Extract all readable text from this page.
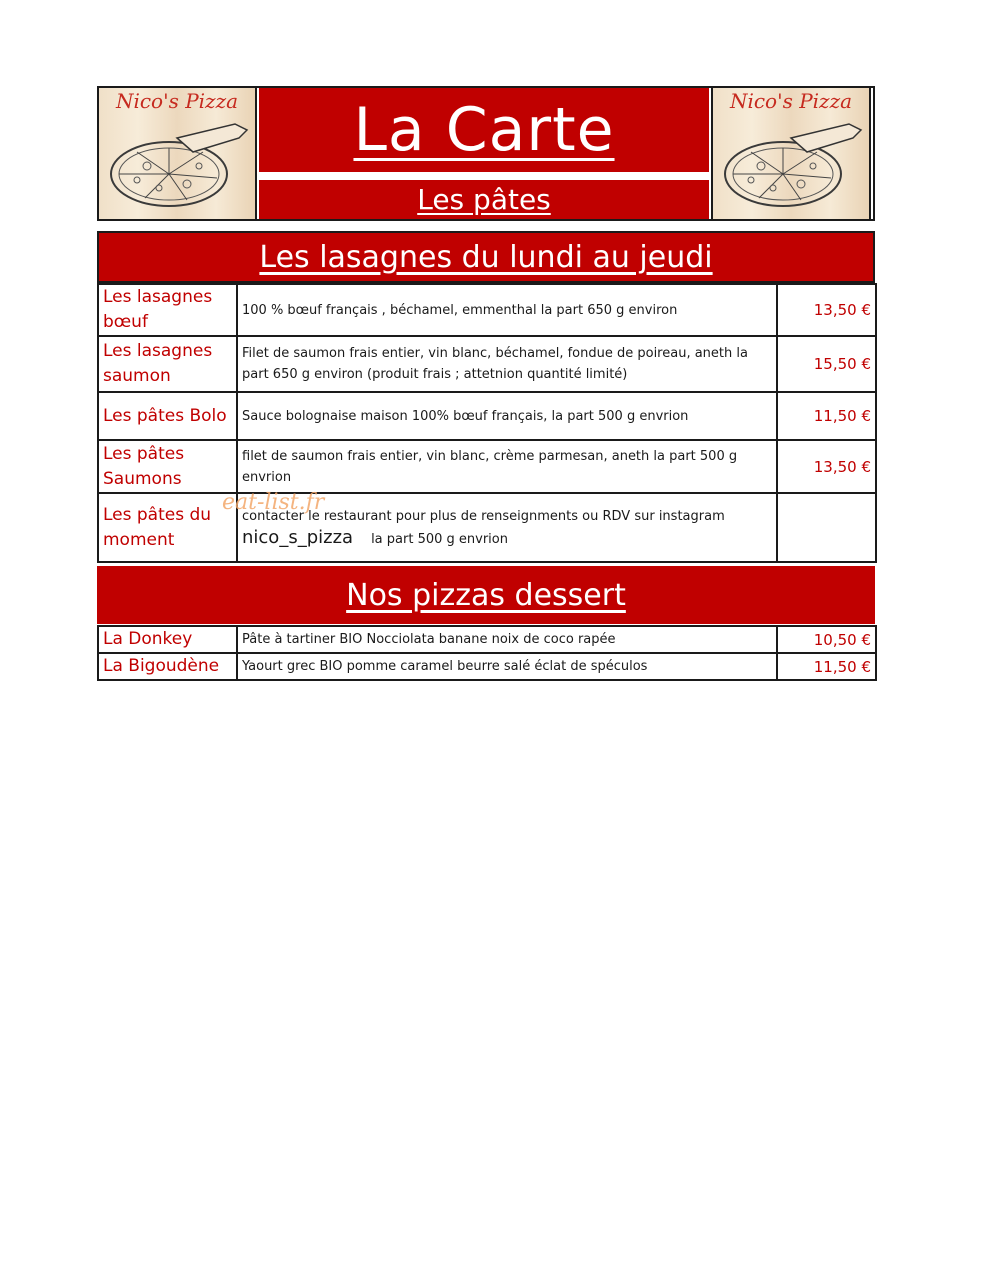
Nico's Pizza	Nico's Pizza
La Carte
Les pâtes
Les lasagnes du lundi au jeudi
Les lasagnes bœuf	100 % bœuf français , béchamel, emmenthal la part 650 g environ	13,50 €
Les lasagnes saumon	Filet de saumon frais entier, vin blanc, béchamel, fondue de poireau, aneth la part 650 g environ (produit frais ; attetnion quantité limité)	15,50 €
Les pâtes Bolo	Sauce bolognaise maison 100% bœuf français, la part 500 g envrion	11,50 €
Les pâtes Saumons	filet de saumon frais entier, vin blanc, crème parmesan, aneth la part 500 g envrion	13,50 €
Les pâtes du moment	contacter le restaurant pour plus de renseignments ou RDV sur instagram
nico_s_pizza la part 500 g envrion	

eat-list.fr
Nos pizzas dessert
La Donkey	Pâte à tartiner BIO Nocciolata banane noix de coco rapée	10,50 €
La Bigoudène	Yaourt grec BIO pomme caramel beurre salé éclat de spéculos	11,50 €
